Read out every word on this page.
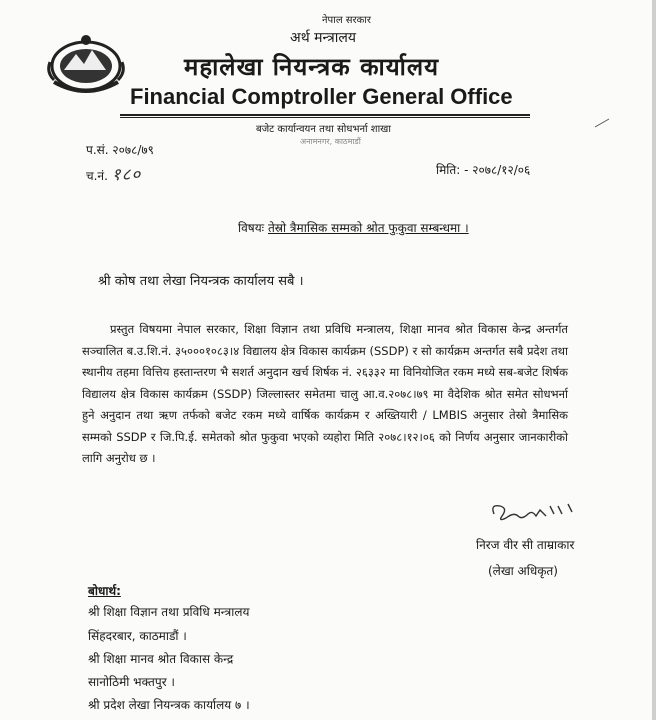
नेपाल सरकार
अर्थ मन्त्रालय
महालेखा नियन्त्रक कार्यालय
Financial Comptroller General Office
बजेट कार्यान्वयन तथा सोधभर्ना शाखा
अनामनगर, काठमाडौं
प.सं. २०७८/७९
च.नं. १८०	मिति: - २०७८/१२/०६
विषयः तेस्रो त्रैमासिक सम्मको श्रोत फुकुवा सम्बन्धमा ।
श्री कोष तथा लेखा नियन्त्रक कार्यालय सबै ।
प्रस्तुत विषयमा नेपाल सरकार, शिक्षा विज्ञान तथा प्रविधि मन्त्रालय, शिक्षा मानव श्रोत विकास केन्द्र अन्तर्गत सञ्चालित ब.उ.शि.नं. ३५०००१०८३।४ विद्यालय क्षेत्र विकास कार्यक्रम (SSDP) र सो कार्यक्रम अन्तर्गत सबै प्रदेश तथा स्थानीय तहमा वित्तिय हस्तान्तरण भै सशर्त अनुदान खर्च शिर्षक नं. २६३३२ मा विनियोजित रकम मध्ये सब-बजेट शिर्षक विद्यालय क्षेत्र विकास कार्यक्रम (SSDP) जिल्लास्तर समेतमा चालु आ.व.२०७८।७९ मा वैदेशिक श्रोत समेत सोधभर्ना हुने अनुदान तथा ऋण तर्फको बजेट रकम मध्ये वार्षिक कार्यक्रम र अख्तियारी / LMBIS अनुसार तेस्रो त्रैमासिक सम्मको SSDP र जि.पि.ई. समेतको श्रोत फुकुवा भएको व्यहोरा मिति २०७८।१२।०६ को निर्णय अनुसार जानकारीको लागि अनुरोध छ ।
निरज वीर सी ताम्राकार
(लेखा अधिकृत)
बोधार्थ:
श्री शिक्षा विज्ञान तथा प्रविधि मन्त्रालय
सिंहदरबार, काठमाडौं ।
श्री शिक्षा मानव श्रोत विकास केन्द्र
सानोठिमी भक्तपुर ।
श्री प्रदेश लेखा नियन्त्रक कार्यालय ७ ।
